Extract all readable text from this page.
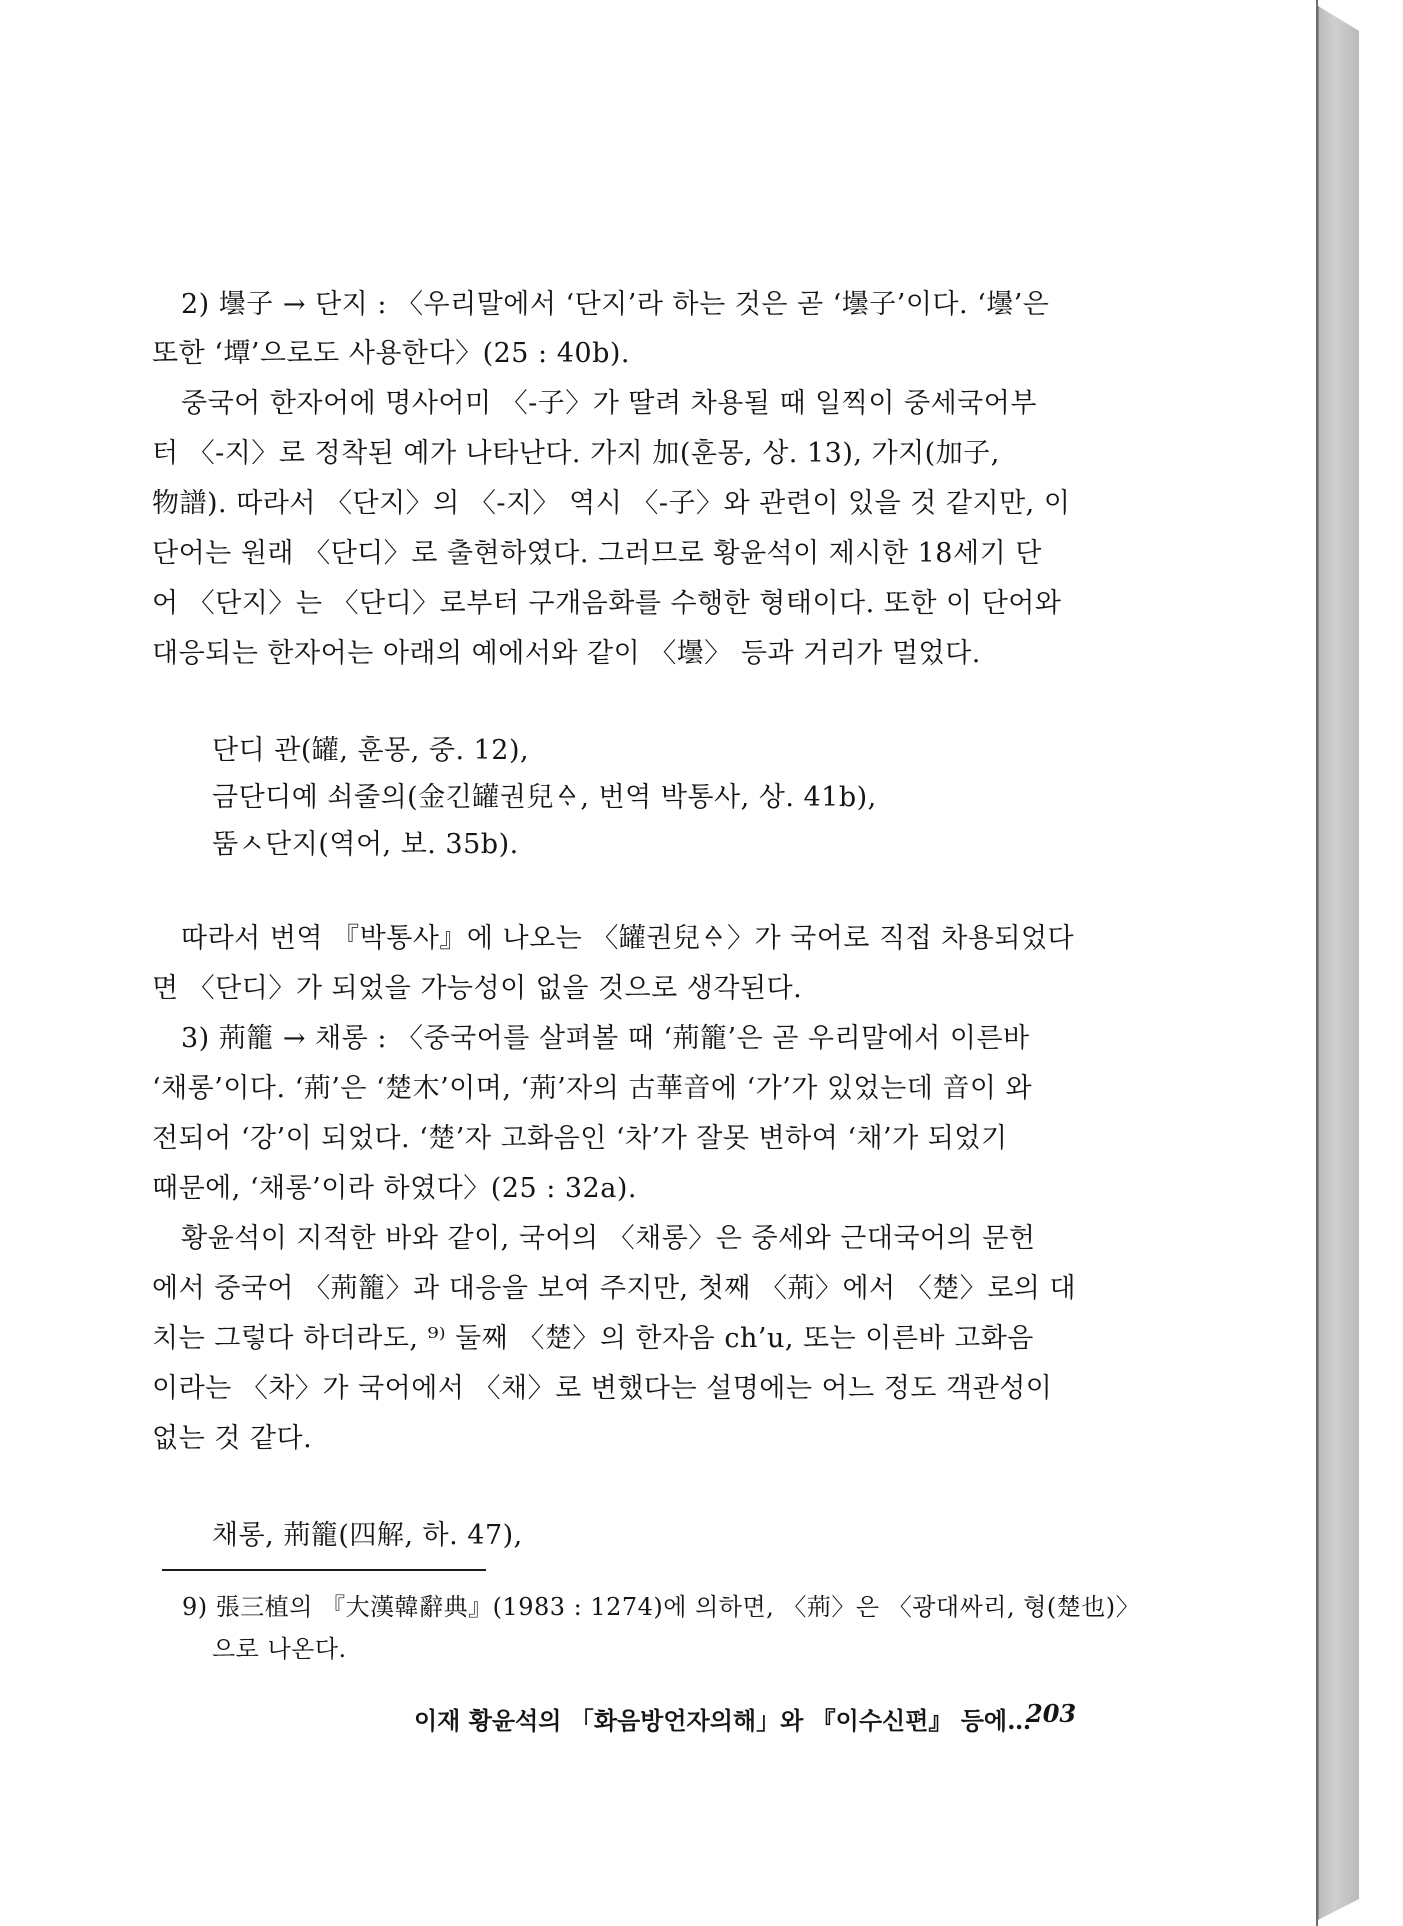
2) 壜子 → 단지 : 〈우리말에서 ‘단지’라 하는 것은 곧 ‘壜子’이다. ‘壜’은
또한 ‘墰’으로도 사용한다〉(25 : 40b).
중국어 한자어에 명사어미 〈-子〉가 딸려 차용될 때 일찍이 중세국어부
터 〈-지〉로 정착된 예가 나타난다. 가지 加(훈몽, 상. 13), 가지(加子,
物譜). 따라서 〈단지〉의 〈-지〉 역시 〈-子〉와 관련이 있을 것 같지만, 이
단어는 원래 〈단디〉로 출현하였다. 그러므로 황윤석이 제시한 18세기 단
어 〈단지〉는 〈단디〉로부터 구개음화를 수행한 형태이다. 또한 이 단어와
대응되는 한자어는 아래의 예에서와 같이 〈壜〉 등과 거리가 멀었다.
단디 관(罐, 훈몽, 중. 12),
금단디예 쇠줄의(金긴罐권兒ᅀᆞ, 번역 박통사, 상. 41b),
뚬ㅅ단지(역어, 보. 35b).
따라서 번역 『박통사』에 나오는 〈罐권兒ᅀᆞ〉가 국어로 직접 차용되었다
면 〈단디〉가 되었을 가능성이 없을 것으로 생각된다.
3) 荊籠 → 채롱 : 〈중국어를 살펴볼 때 ‘荊籠’은 곧 우리말에서 이른바
‘채롱’이다. ‘荊’은 ‘楚木’이며, ‘荊’자의 古華音에 ‘가’가 있었는데 音이 와
전되어 ‘강’이 되었다. ‘楚’자 고화음인 ‘차’가 잘못 변하여 ‘채’가 되었기
때문에, ‘채롱’이라 하였다〉(25 : 32a).
황윤석이 지적한 바와 같이, 국어의 〈채롱〉은 중세와 근대국어의 문헌
에서 중국어 〈荊籠〉과 대응을 보여 주지만, 첫째 〈荊〉에서 〈楚〉로의 대
치는 그렇다 하더라도, ⁹⁾ 둘째 〈楚〉의 한자음 ch’u, 또는 이른바 고화음
이라는 〈차〉가 국어에서 〈채〉로 변했다는 설명에는 어느 정도 객관성이
없는 것 같다.
채롱, 荊籠(四解, 하. 47),
9) 張三植의 『大漢韓辭典』(1983 : 1274)에 의하면, 〈荊〉은 〈광대싸리, 형(楚也)〉
으로 나온다.
이재 황윤석의 「화음방언자의해」와 『이수신편』 등에…
203
